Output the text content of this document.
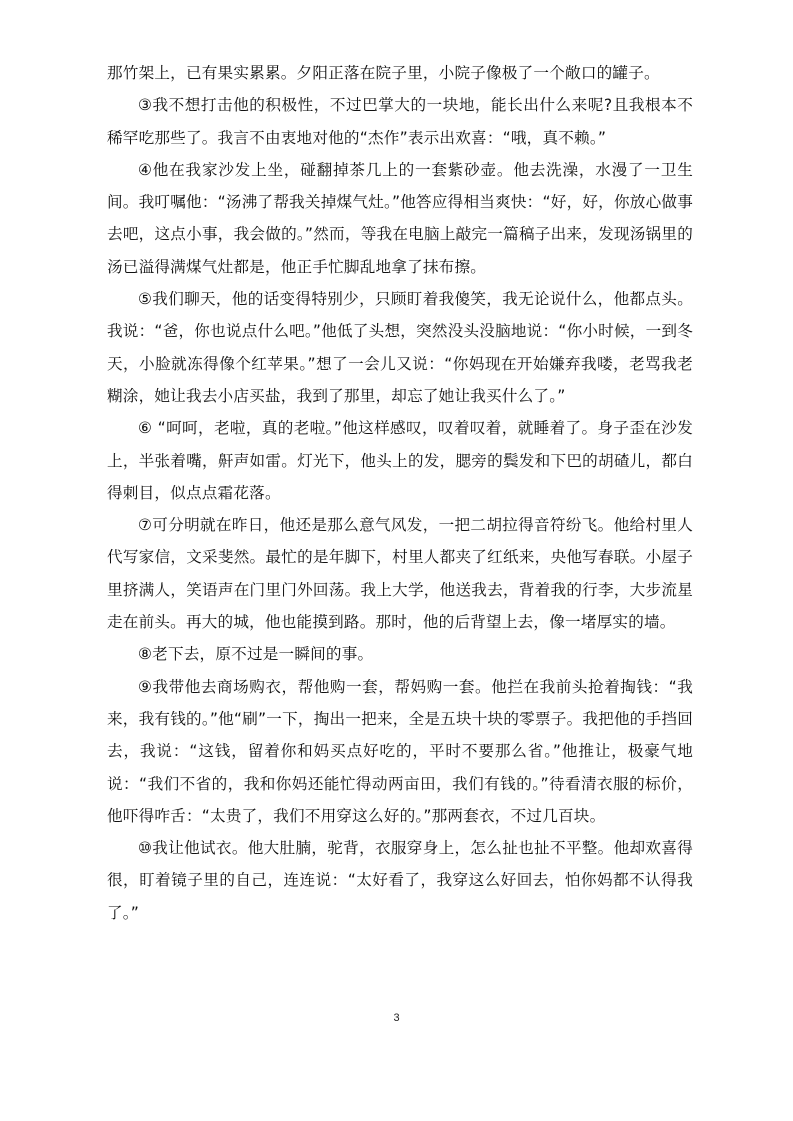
那竹架上，已有果实累累。夕阳正落在院子里，小院子像极了一个敞口的罐子。

③我不想打击他的积极性，不过巴掌大的一块地，能长出什么来呢?且我根本不稀罕吃那些了。我言不由衷地对他的“杰作”表示出欢喜：“哦，真不赖。”

④他在我家沙发上坐，碰翻掉茶几上的一套紫砂壶。他去洗澡，水漫了一卫生间。我叮嘱他：“汤沸了帮我关掉煤气灶。”他答应得相当爽快：“好，好，你放心做事去吧，这点小事，我会做的。”然而，等我在电脑上敲完一篇稿子出来，发现汤锅里的汤已溢得满煤气灶都是，他正手忙脚乱地拿了抹布擦。

⑤我们聊天，他的话变得特别少，只顾盯着我傻笑，我无论说什么，他都点头。我说：“爸，你也说点什么吧。”他低了头想，突然没头没脑地说：“你小时候，一到冬天，小脸就冻得像个红苹果。”想了一会儿又说：“你妈现在开始嫌弃我喽，老骂我老糊涂，她让我去小店买盐，我到了那里，却忘了她让我买什么了。”

⑥ “呵呵，老啦，真的老啦。”他这样感叹，叹着叹着，就睡着了。身子歪在沙发上，半张着嘴，鼾声如雷。灯光下，他头上的发，腮旁的鬓发和下巴的胡碴儿，都白得刺目，似点点霜花落。

⑦可分明就在昨日，他还是那么意气风发，一把二胡拉得音符纷飞。他给村里人代写家信，文采斐然。最忙的是年脚下，村里人都夹了红纸来，央他写春联。小屋子里挤满人，笑语声在门里门外回荡。我上大学，他送我去，背着我的行李，大步流星走在前头。再大的城，他也能摸到路。那时，他的后背望上去，像一堵厚实的墙。

⑧老下去，原不过是一瞬间的事。

⑨我带他去商场购衣，帮他购一套，帮妈购一套。他拦在我前头抢着掏钱：“我来，我有钱的。”他“刷”一下，掏出一把来，全是五块十块的零票子。我把他的手挡回去，我说：“这钱，留着你和妈买点好吃的，平时不要那么省。”他推让，极豪气地说：“我们不省的，我和你妈还能忙得动两亩田，我们有钱的。”待看清衣服的标价，他吓得咋舌：“太贵了，我们不用穿这么好的。”那两套衣，不过几百块。

⑩我让他试衣。他大肚腩，驼背，衣服穿身上，怎么扯也扯不平整。他却欢喜得很，盯着镜子里的自己，连连说：“太好看了，我穿这么好回去，怕你妈都不认得我了。”

3
